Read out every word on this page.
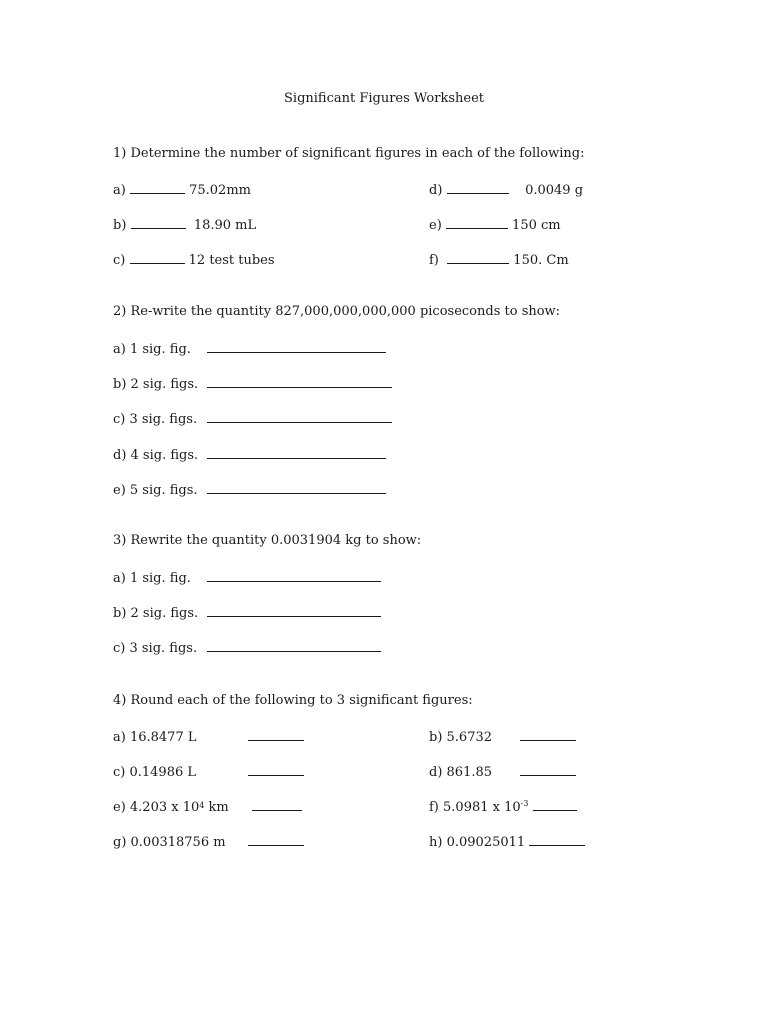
Significant Figures Worksheet
1) Determine the number of significant figures in each of the following:
a)	75.02mm
b)	18.90 mL
c)	12 test tubes
d)	0.0049 g
e)	150 cm
f)	150. Cm
2) Re-write the quantity 827,000,000,000,000 picoseconds to show:
a) 1 sig. fig.
b) 2 sig. figs.
c) 3 sig. figs.
d) 4 sig. figs.
e) 5 sig. figs.
3) Rewrite the quantity 0.0031904 kg to show:
a) 1 sig. fig.
b) 2 sig. figs.
c) 3 sig. figs.
4) Round each of the following to 3 significant figures:
a) 16.8477 L
c) 0.14986 L
e) 4.203 x $10^4$ km
g) 0.00318756 m
b) 5.6732
d) 861.85
f) 5.0981 x $10^{-3}$
h) 0.09025011
